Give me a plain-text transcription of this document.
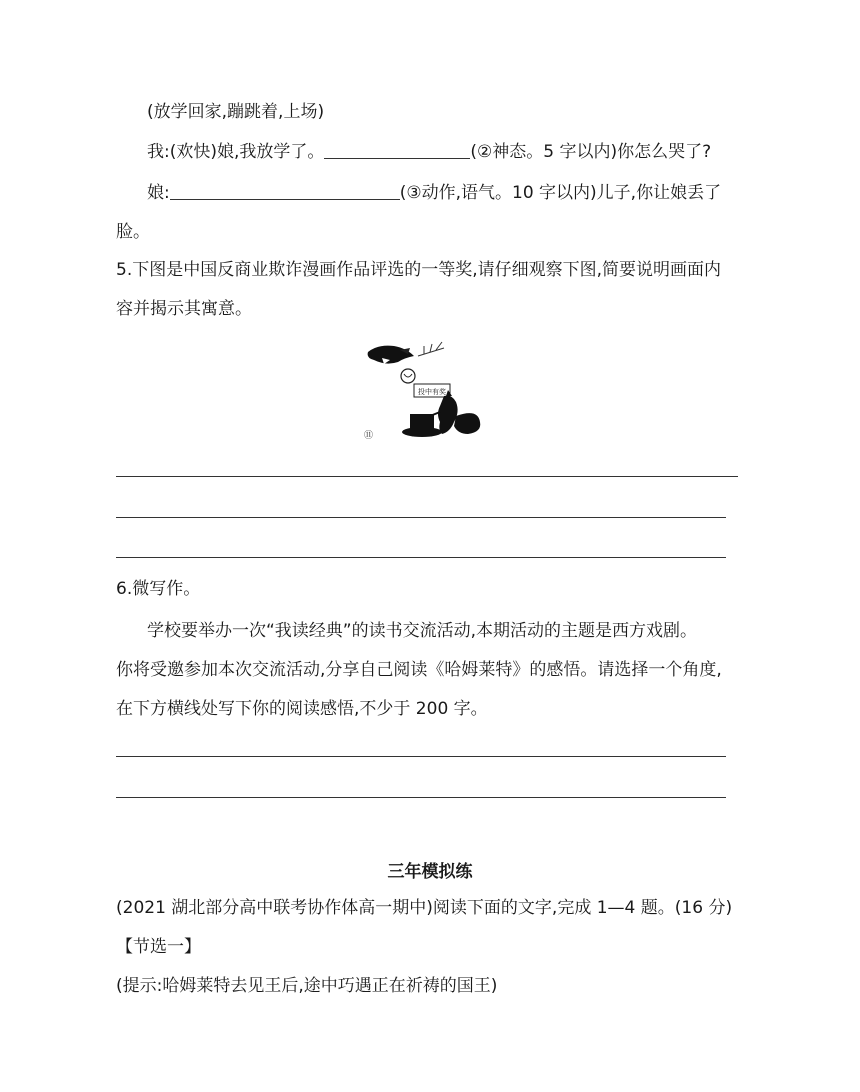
(放学回家,蹦跳着,上场)
我:(欢快)娘,我放学了。	(②神态。5 字以内)你怎么哭了?
娘:	(③动作,语气。10 字以内)儿子,你让娘丢了
脸。
5.下图是中国反商业欺诈漫画作品评选的一等奖,请仔细观察下图,简要说明画面内
容并揭示其寓意。
投中有奖
⑪
6.微写作。
学校要举办一次“我读经典”的读书交流活动,本期活动的主题是西方戏剧。
你将受邀参加本次交流活动,分享自己阅读《哈姆莱特》的感悟。请选择一个角度,
在下方横线处写下你的阅读感悟,不少于 200 字。
三年模拟练
(2021 湖北部分高中联考协作体高一期中)阅读下面的文字,完成 1—4 题。(16 分)
【节选一】
(提示:哈姆莱特去见王后,途中巧遇正在祈祷的国王)
